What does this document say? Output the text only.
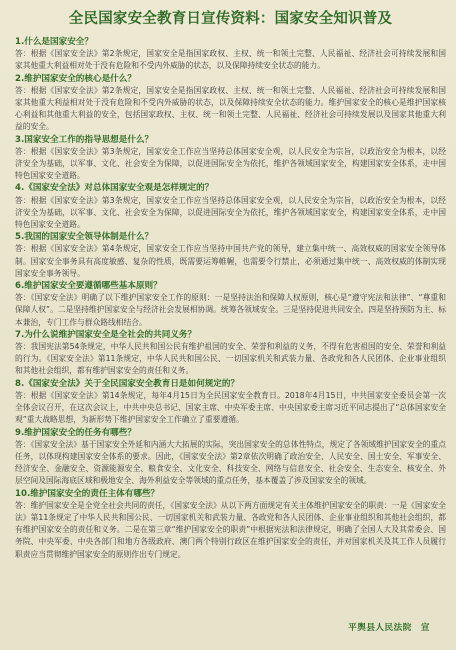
全民国家安全教育日宣传资料：国家安全知识普及

1.什么是国家安全？

答：根据《国家安全法》第2条规定，国家安全是指国家政权、主权、统一和领土完整、人民福祉、经济社会可持续发展和国家其他重大利益相对处于没有危险和不受内外威胁的状态，以及保障持续安全状态的能力。

2.维护国家安全的核心是什么？

答：根据《国家安全法》第2条规定，国家安全是指国家政权、主权、统一和领土完整、人民福祉、经济社会可持续发展和国家其他重大利益相对处于没有危险和不受内外威胁的状态，以及保障持续安全状态的能力。维护国家安全的核心是维护国家核心利益和其他重大利益的安全，包括国家政权、主权、统一和领土完整、人民福祉、经济社会可持续发展以及国家其他重大利益的安全。

3.国家安全工作的指导思想是什么？

答：根据《国家安全法》第3条规定，国家安全工作应当坚持总体国家安全观，以人民安全为宗旨，以政治安全为根本，以经济安全为基础，以军事、文化、社会安全为保障，以促进国际安全为依托，维护各领域国家安全，构建国家安全体系，走中国特色国家安全道路。

4.《国家安全法》对总体国家安全观是怎样规定的？

答：根据《国家安全法》第3条规定，国家安全工作应当坚持总体国家安全观，以人民安全为宗旨，以政治安全为根本，以经济安全为基础，以军事、文化、社会安全为保障，以促进国际安全为依托，维护各领域国家安全，构建国家安全体系，走中国特色国家安全道路。

5.我国的国家安全领导体制是什么？

答：根据《国家安全法》第4条规定，国家安全工作应当坚持中国共产党的领导，建立集中统一、高效权威的国家安全领导体制。国家安全事务具有高度敏感、复杂的性质，既需要运筹帷幄，也需要令行禁止，必须通过集中统一、高效权威的体制实现国家安全事务领导。

6.维护国家安全要遵循哪些基本原则？

答：《国家安全法》明确了以下维护国家安全工作的原则：一是坚持法治和保障人权原则，核心是“遵守宪法和法律”、“尊重和保障人权”。二是坚持维护国家安全与经济社会发展相协调。统筹各领域安全。三是坚持促进共同安全。四是坚持预防为主、标本兼治，专门工作与群众路线相结合。

7.为什么说维护国家安全是全社会的共同义务？

答：我国宪法第54条规定，中华人民共和国公民有维护祖国的安全、荣誉和利益的义务，不得有危害祖国的安全、荣誉和利益的行为。《国家安全法》第11条规定，中华人民共和国公民、一切国家机关和武装力量、各政党和各人民团体、企业事业组织和其他社会组织，都有维护国家安全的责任和义务。

8.《国家安全法》关于全民国家安全教育日是如何规定的？

答：根据《国家安全法》第14条规定，每年4月15日为全民国家安全教育日。2018年4月15日，中共国家安全委员会第一次全体会议召开，在这次会议上，中共中央总书记、国家主席、中央军委主席、中央国家委主席习近平同志提出了“总体国家安全观”重大战略思想，为新形势下维护国家安全工作确立了重要遵循。

9.维护国家安全的任务有哪些？

答：《国家安全法》基于国家安全外延和内涵大大拓展的实际，突出国家安全的总体性特点，规定了各领域维护国家安全的重点任务，以体现构建国家安全体系的要求。因此，《国家安全法》第2章依次明确了政治安全、人民安全、国土安全、军事安全、经济安全、金融安全、资源能源安全、粮食安全、文化安全、科技安全、网络与信息安全、社会安全、生态安全、核安全、外层空间及国际海底区域和极地安全、海外利益安全等领域的重点任务，基本覆盖了涉及国家安全的领域。

10.维护国家安全的责任主体有哪些？

答：维护国家安全是全党全社会共同的责任，《国家安全法》从以下两方面规定有关主体维护国家安全的职责：一是《国家安全法》第11条规定了中华人民共和国公民、一切国家机关和武装力量、各政党和各人民团体、企业事业组织和其他社会组织，都有维护国家安全的责任和义务。二是在第三章“维护国家安全的职责”中根据宪法和法律规定，明确了全国人大及其常委会、国务院、中央军委、中央各部门和地方各级政府、澳门两个特别行政区在维护国家安全的责任，并对国家机关及其工作人员履行职责应当贯彻维护国家安全的原则作出专门规定。

平舆县人民法院　宣
